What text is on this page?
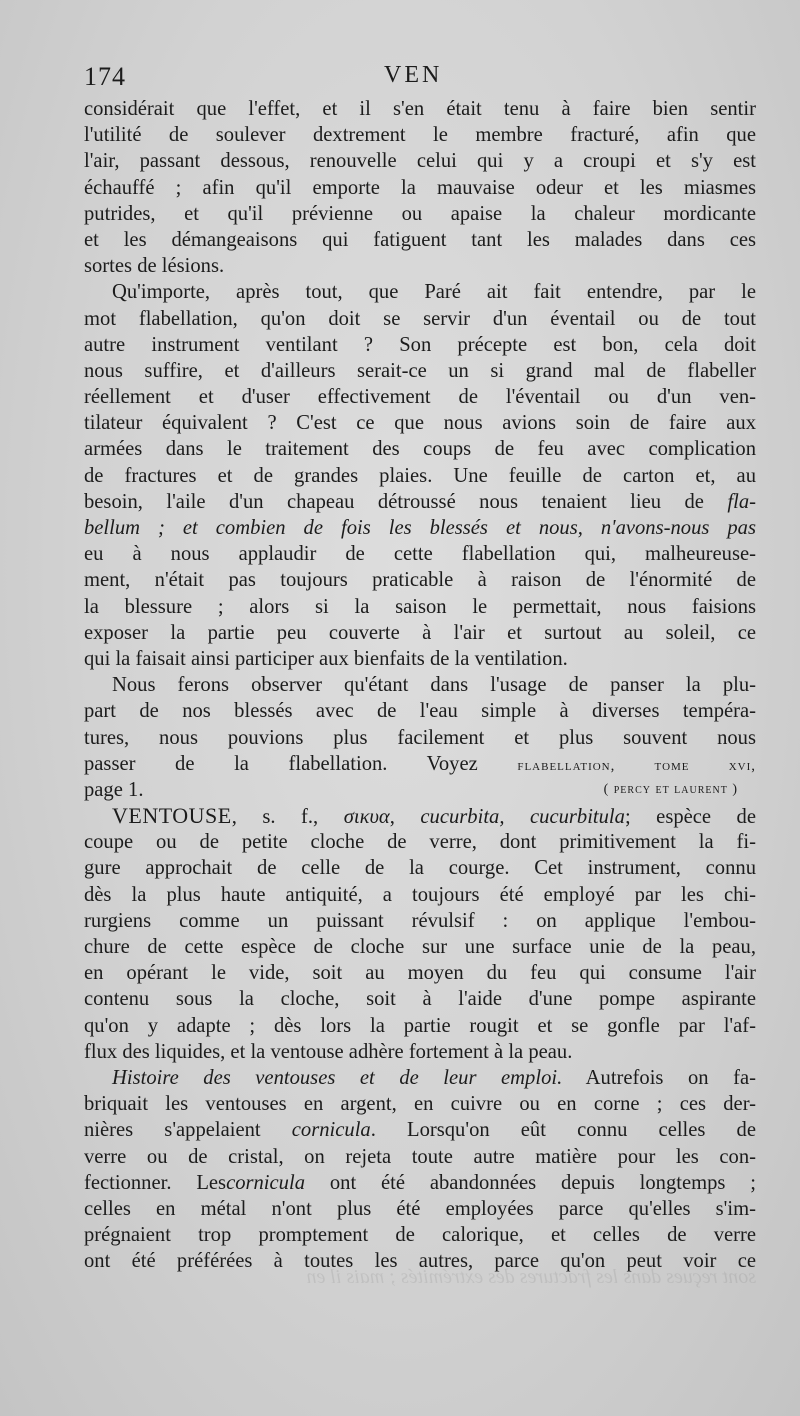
174	VEN
considérait que l'effet, et il s'en était tenu à faire bien sentir
l'utilité de soulever dextrement le membre fracturé, afin que
l'air, passant dessous, renouvelle celui qui y a croupi et s'y est
échauffé ; afin qu'il emporte la mauvaise odeur et les miasmes
putrides, et qu'il prévienne ou apaise la chaleur mordicante
et les démangeaisons qui fatiguent tant les malades dans ces
sortes de lésions.
Qu'importe, après tout, que Paré ait fait entendre, par le
mot flabellation, qu'on doit se servir d'un éventail ou de tout
autre instrument ventilant ? Son précepte est bon, cela doit
nous suffire, et d'ailleurs serait-ce un si grand mal de flabeller
réellement et d'user effectivement de l'éventail ou d'un ven-
tilateur équivalent ? C'est ce que nous avions soin de faire aux
armées dans le traitement des coups de feu avec complication
de fractures et de grandes plaies. Une feuille de carton et, au
besoin, l'aile d'un chapeau détroussé nous tenaient lieu de fla-
bellum ; et combien de fois les blessés et nous, n'avons-nous pas
eu à nous applaudir de cette flabellation qui, malheureuse-
ment, n'était pas toujours praticable à raison de l'énormité de
la blessure ; alors si la saison le permettait, nous faisions
exposer la partie peu couverte à l'air et surtout au soleil, ce
qui la faisait ainsi participer aux bienfaits de la ventilation.
Nous ferons observer qu'étant dans l'usage de panser la plu-
part de nos blessés avec de l'eau simple à diverses tempéra-
tures, nous pouvions plus facilement et plus souvent nous
passer de la flabellation. Voyez	flabellation, tome xvi,
page 1.	( percy et laurent )
VENTOUSE, s. f., σικυα, cucurbita, cucurbitula; espèce de
coupe ou de petite cloche de verre, dont primitivement la fi-
gure approchait de celle de la courge. Cet instrument, connu
dès la plus haute antiquité, a toujours été employé par les chi-
rurgiens comme un puissant révulsif : on applique l'embou-
chure de cette espèce de cloche sur une surface unie de la peau,
en opérant le vide, soit au moyen du feu qui consume l'air
contenu sous la cloche, soit à l'aide d'une pompe aspirante
qu'on y adapte ; dès lors la partie rougit et se gonfle par l'af-
flux des liquides, et la ventouse adhère fortement à la peau.
Histoire des ventouses et de leur emploi. Autrefois on fa-
briquait les ventouses en argent, en cuivre ou en corne ; ces der-
nières s'appelaient cornicula. Lorsqu'on eût connu celles de
verre ou de cristal, on rejeta toute autre matière pour les con-
fectionner. Lescornicula ont été abandonnées depuis longtemps ;
celles en métal n'ont plus été employées parce qu'elles s'im-
prégnaient trop promptement de calorique, et celles de verre
ont été préférées à toutes les autres, parce qu'on peut voir ce
sont reçues dans les fractures des extrémités ; mais il en
